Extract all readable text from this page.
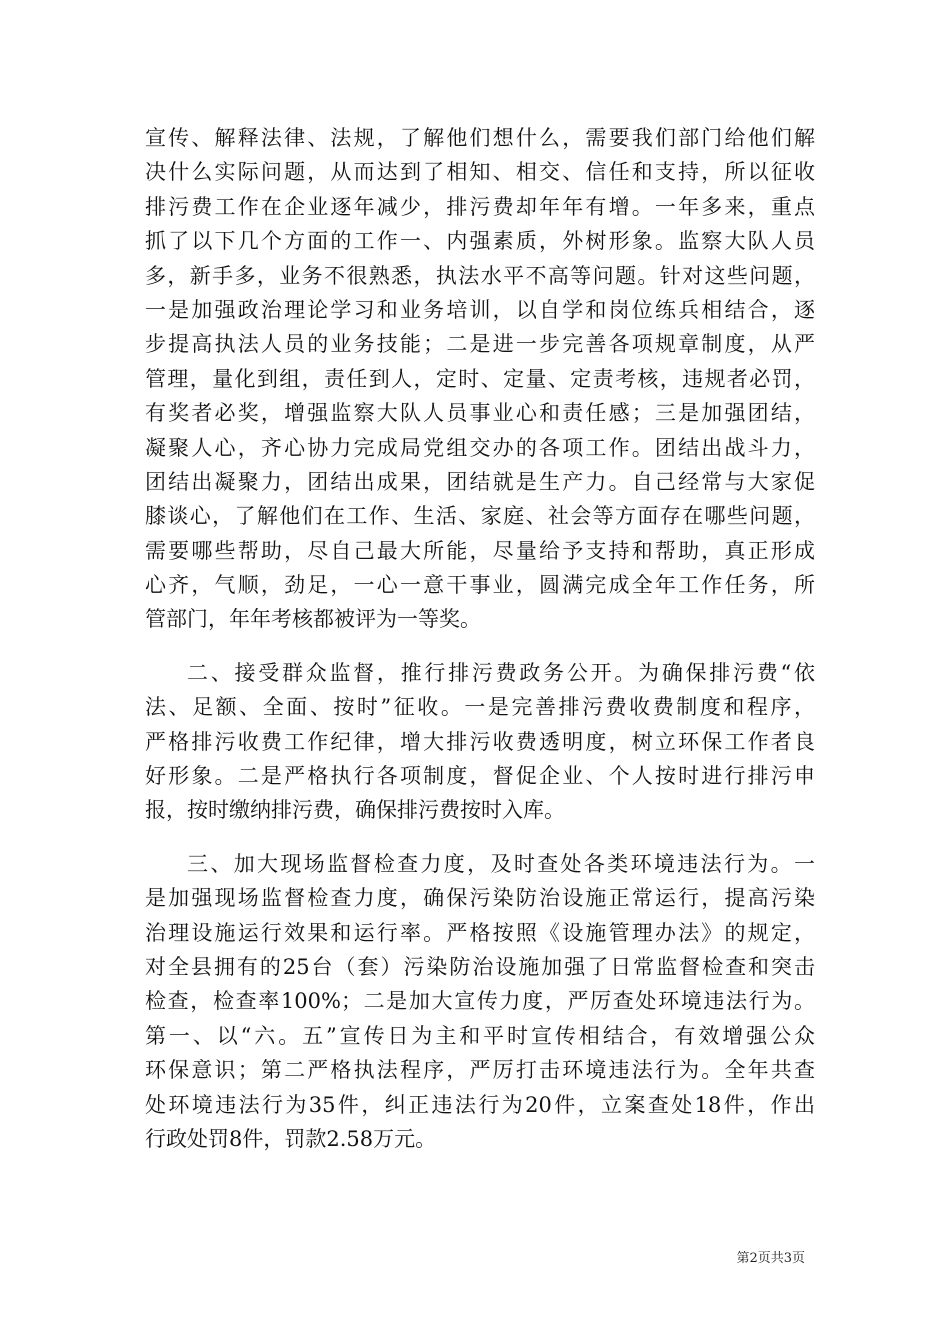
宣传、解释法律、法规，了解他们想什么，需要我们部门给他们解
决什么实际问题，从而达到了相知、相交、信任和支持，所以征收
排污费工作在企业逐年减少，排污费却年年有增。一年多来，重点
抓了以下几个方面的工作一、内强素质，外树形象。监察大队人员
多，新手多，业务不很熟悉，执法水平不高等问题。针对这些问题，
一是加强政治理论学习和业务培训，以自学和岗位练兵相结合，逐
步提高执法人员的业务技能；二是进一步完善各项规章制度，从严
管理，量化到组，责任到人，定时、定量、定责考核，违规者必罚，
有奖者必奖，增强监察大队人员事业心和责任感；三是加强团结，
凝聚人心，齐心协力完成局党组交办的各项工作。团结出战斗力，
团结出凝聚力，团结出成果，团结就是生产力。自己经常与大家促
膝谈心，了解他们在工作、生活、家庭、社会等方面存在哪些问题，
需要哪些帮助，尽自己最大所能，尽量给予支持和帮助，真正形成
心齐，气顺，劲足，一心一意干事业，圆满完成全年工作任务，所
管部门，年年考核都被评为一等奖。
二、接受群众监督，推行排污费政务公开。为确保排污费“依
法、足额、全面、按时”征收。一是完善排污费收费制度和程序，
严格排污收费工作纪律，增大排污收费透明度，树立环保工作者良
好形象。二是严格执行各项制度，督促企业、个人按时进行排污申
报，按时缴纳排污费，确保排污费按时入库。
三、加大现场监督检查力度，及时查处各类环境违法行为。一
是加强现场监督检查力度，确保污染防治设施正常运行，提高污染
治理设施运行效果和运行率。严格按照《设施管理办法》的规定，
对全县拥有的25台（套）污染防治设施加强了日常监督检查和突击
检查，检查率100%；二是加大宣传力度，严厉查处环境违法行为。
第一、以“六。五”宣传日为主和平时宣传相结合，有效增强公众
环保意识；第二严格执法程序，严厉打击环境违法行为。全年共查
处环境违法行为35件，纠正违法行为20件，立案查处18件，作出
行政处罚8件，罚款2.58万元。
第2页共3页
